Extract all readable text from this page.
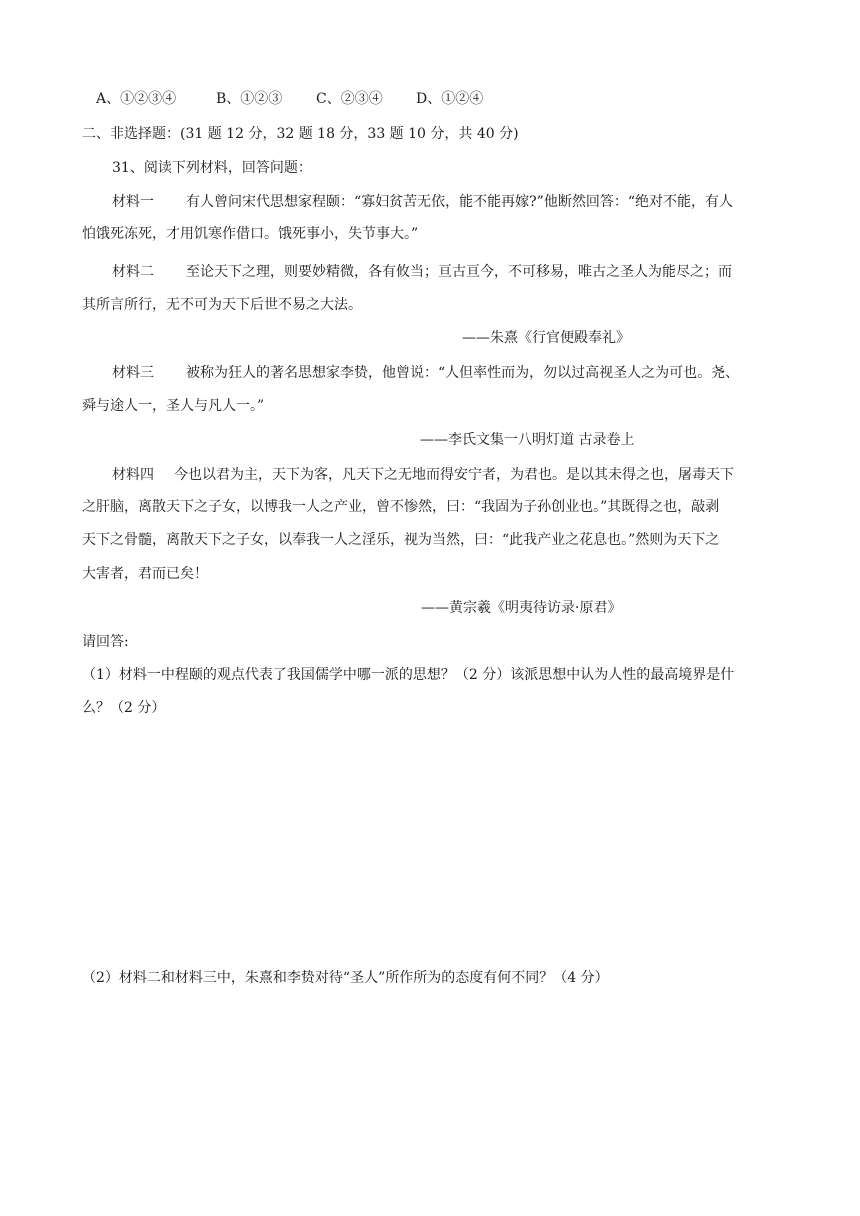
A、①②③④	B、①②③ C、②③④ D、①②④
二、非选择题：(31 题 12 分，32 题 18 分，33 题 10 分，共 40 分)
31、阅读下列材料，回答问题：
材料一 有人曾问宋代思想家程颐：“寡妇贫苦无依，能不能再嫁?”他断然回答：“绝对不能，有人
怕饿死冻死，才用饥寒作借口。饿死事小，失节事大。”
材料二 至论天下之理，则要妙精微，各有攸当；亘古亘今，不可移易，唯古之圣人为能尽之；而
其所言所行，无不可为天下后世不易之大法。
——朱熹《行官便殿奉礼》
材料三 被称为狂人的著名思想家李贽，他曾说：“人但率性而为，勿以过高视圣人之为可也。尧、
舜与途人一，圣人与凡人一。”
——李氏文集一八明灯道 古录卷上
材料四 今也以君为主，天下为客，凡天下之无地而得安宁者，为君也。是以其未得之也，屠毒天下
之肝脑，离散天下之子女，以博我一人之产业，曾不惨然，曰：“我固为子孙创业也。”其既得之也，敲剥
天下之骨髓，离散天下之子女，以奉我一人之淫乐，视为当然，曰：“此我产业之花息也。”然则为天下之
大害者，君而已矣！
——黄宗羲《明夷待访录·原君》
请回答:
（1）材料一中程颐的观点代表了我国儒学中哪一派的思想？（2 分）该派思想中认为人性的最高境界是什
么？（2 分）
（2）材料二和材料三中，朱熹和李贽对待“圣人”所作所为的态度有何不同？（4 分）
